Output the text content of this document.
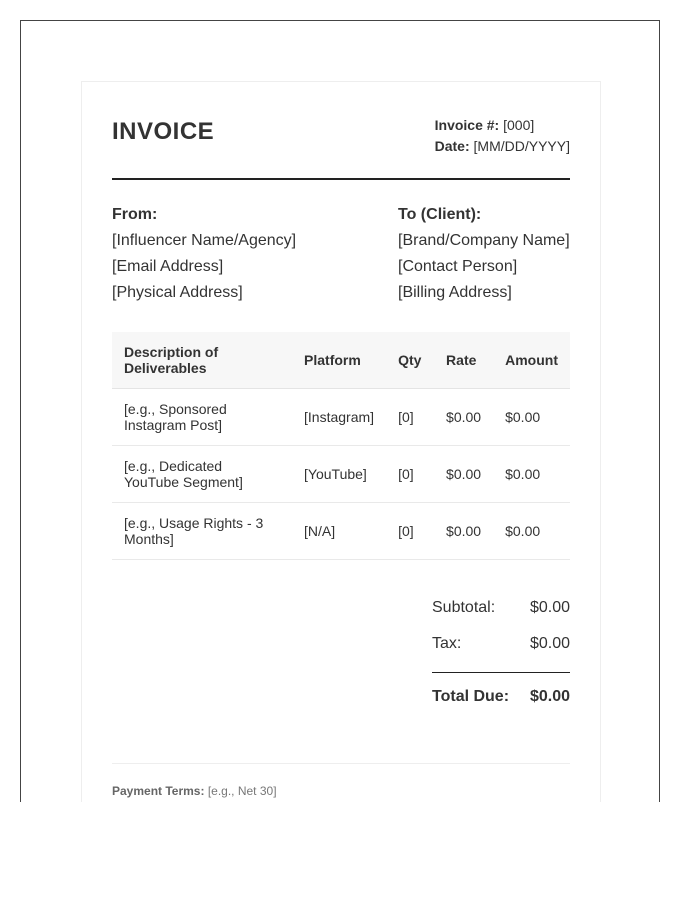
INVOICE	Invoice #: [000]
Date: [MM/DD/YYYY]
From:
[Influencer Name/Agency]
[Email Address]
[Physical Address]
To (Client):
[Brand/Company Name]
[Contact Person]
[Billing Address]
Description of Deliverables	Platform	Qty	Rate	Amount
[e.g., Sponsored Instagram Post]	[Instagram]	[0]	$0.00	$0.00
[e.g., Dedicated YouTube Segment]	[YouTube]	[0]	$0.00	$0.00
[e.g., Usage Rights - 3 Months]	[N/A]	[0]	$0.00	$0.00
Subtotal: $0.00
Tax:	$0.00
Total Due: $0.00
Payment Terms: [e.g., Net 30]
